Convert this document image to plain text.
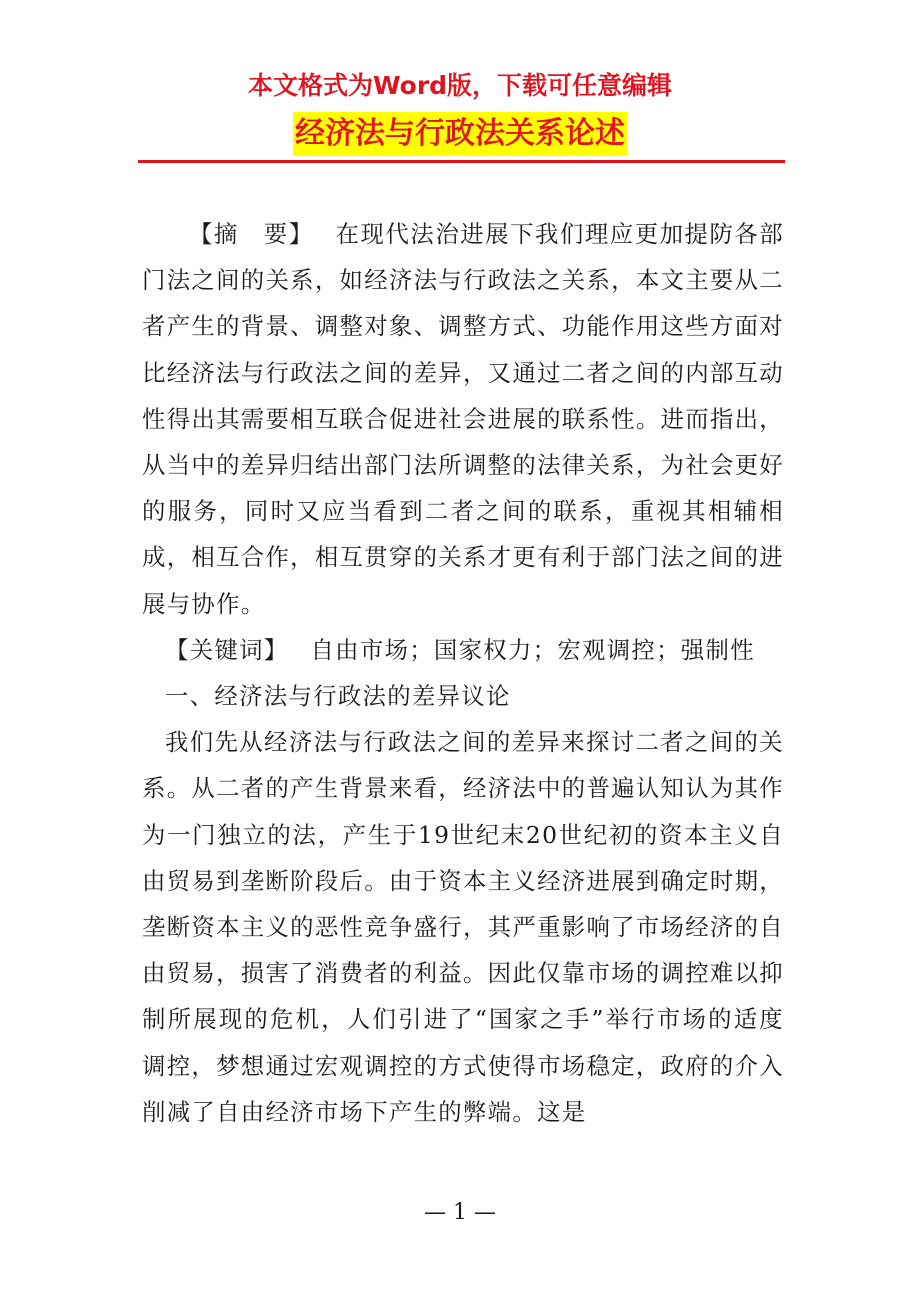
本文格式为Word版，下载可任意编辑
经济法与行政法关系论述

【摘　要】 在现代法治进展下我们理应更加提防各部门法之间的关系，如经济法与行政法之关系，本文主要从二者产生的背景、调整对象、调整方式、功能作用这些方面对比经济法与行政法之间的差异，又通过二者之间的内部互动性得出其需要相互联合促进社会进展的联系性。进而指出，从当中的差异归结出部门法所调整的法律关系，为社会更好的服务，同时又应当看到二者之间的联系，重视其相辅相成，相互合作，相互贯穿的关系才更有利于部门法之间的进展与协作。

【关键词】 自由市场；国家权力；宏观调控；强制性

一、经济法与行政法的差异议论

我们先从经济法与行政法之间的差异来探讨二者之间的关系。从二者的产生背景来看，经济法中的普遍认知认为其作为一门独立的法，产生于19世纪末20世纪初的资本主义自由贸易到垄断阶段后。由于资本主义经济进展到确定时期，垄断资本主义的恶性竞争盛行，其严重影响了市场经济的自由贸易，损害了消费者的利益。因此仅靠市场的调控难以抑制所展现的危机，人们引进了“国家之手”举行市场的适度调控，梦想通过宏观调控的方式使得市场稳定，政府的介入削减了自由经济市场下产生的弊端。这是

— 1 —
